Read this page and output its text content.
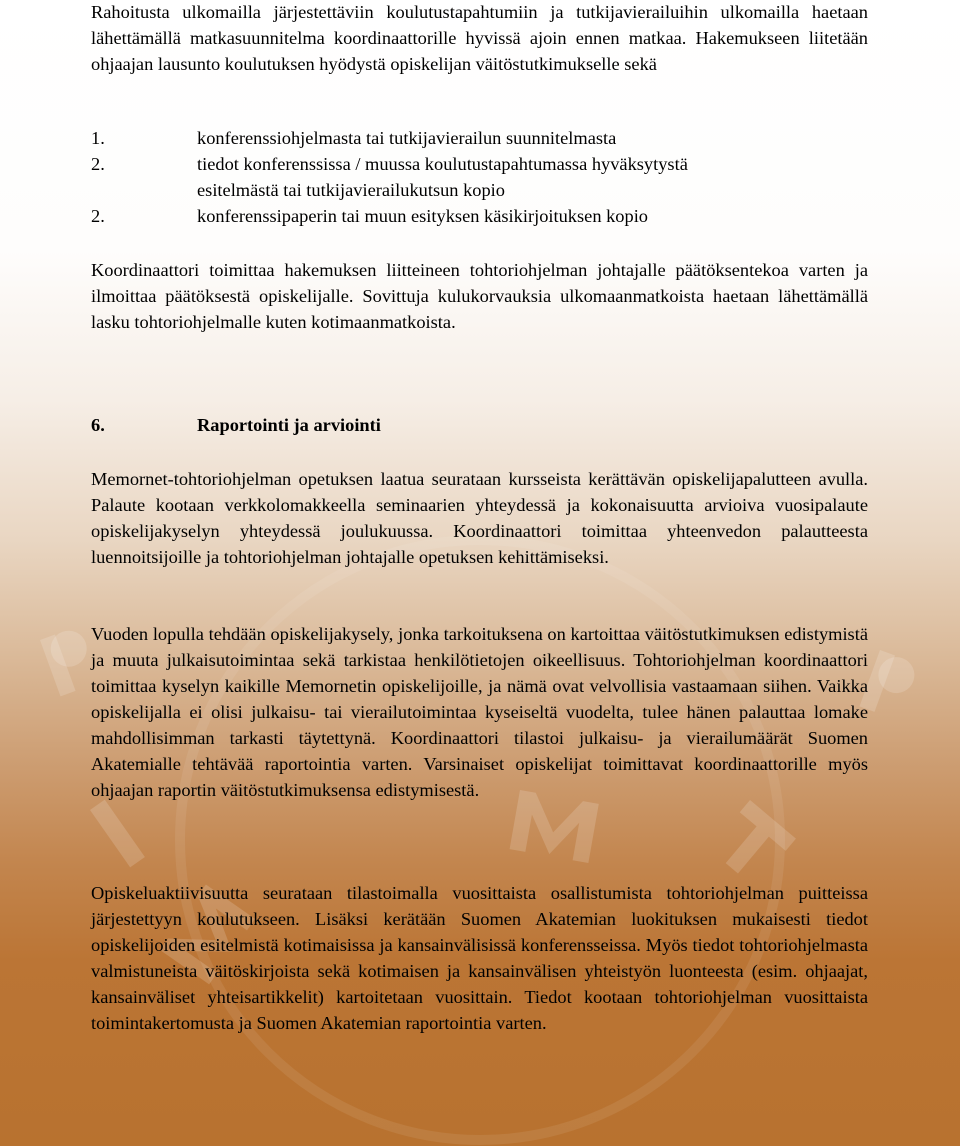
Rahoitusta ulkomailla järjestettäviin koulutustapahtumiin ja tutkijavierailuihin ulkomailla haetaan lähettämällä matkasuunnitelma koordinaattorille hyvissä ajoin ennen matkaa. Hakemukseen liitetään ohjaajan lausunto koulutuksen hyödystä opiskelijan väitöstutkimukselle sekä

1.	konferenssiohjelmasta tai tutkijavierailun suunnitelmasta
2.	tiedot konferenssissa / muussa koulutustapahtumassa hyväksytystä esitelmästä tai tutkijavierailukutsun kopio
2.	konferenssipaperin tai muun esityksen käsikirjoituksen kopio

Koordinaattori toimittaa hakemuksen liitteineen tohtoriohjelman johtajalle päätöksentekoa varten ja ilmoittaa päätöksestä opiskelijalle. Sovittuja kulukorvauksia ulkomaanmatkoista haetaan lähettämällä lasku tohtoriohjelmalle kuten kotimaanmatkoista.

6.	Raportointi ja arviointi

Memornet-tohtoriohjelman opetuksen laatua seurataan kursseista kerättävän opiskelijapalutteen avulla. Palaute kootaan verkkolomakkeella seminaarien yhteydessä ja kokonaisuutta arvioiva vuosipalaute opiskelijakyselyn yhteydessä joulukuussa. Koordinaattori toimittaa yhteenvedon palautteesta luennoitsijoille ja tohtoriohjelman johtajalle opetuksen kehittämiseksi.

Vuoden lopulla tehdään opiskelijakysely, jonka tarkoituksena on kartoittaa väitöstutkimuksen edistymistä ja muuta julkaisutoimintaa sekä tarkistaa henkilötietojen oikeellisuus. Tohtoriohjelman koordinaattori toimittaa kyselyn kaikille Memornetin opiskelijoille, ja nämä ovat velvollisia vastaamaan siihen. Vaikka opiskelijalla ei olisi julkaisu- tai vierailutoimintaa kyseiseltä vuodelta, tulee hänen palauttaa lomake mahdollisimman tarkasti täytettynä. Koordinaattori tilastoi julkaisu- ja vierailumäärät Suomen Akatemialle tehtävää raportointia varten. Varsinaiset opiskelijat toimittavat koordinaattorille myös ohjaajan raportin väitöstutkimuksensa edistymisestä.

Opiskeluaktiivisuutta seurataan tilastoimalla vuosittaista osallistumista tohtoriohjelman puitteissa järjestettyyn koulutukseen. Lisäksi kerätään Suomen Akatemian luokituksen mukaisesti tiedot opiskelijoiden esitelmistä kotimaisissa ja kansainvälisissä konferensseissa. Myös tiedot tohtoriohjelmasta valmistuneista väitöskirjoista sekä kotimaisen ja kansainvälisen yhteistyön luonteesta (esim. ohjaajat, kansainväliset yhteisartikkelit) kartoitetaan vuosittain. Tiedot kootaan tohtoriohjelman vuosittaista toimintakertomusta ja Suomen Akatemian raportointia varten.
